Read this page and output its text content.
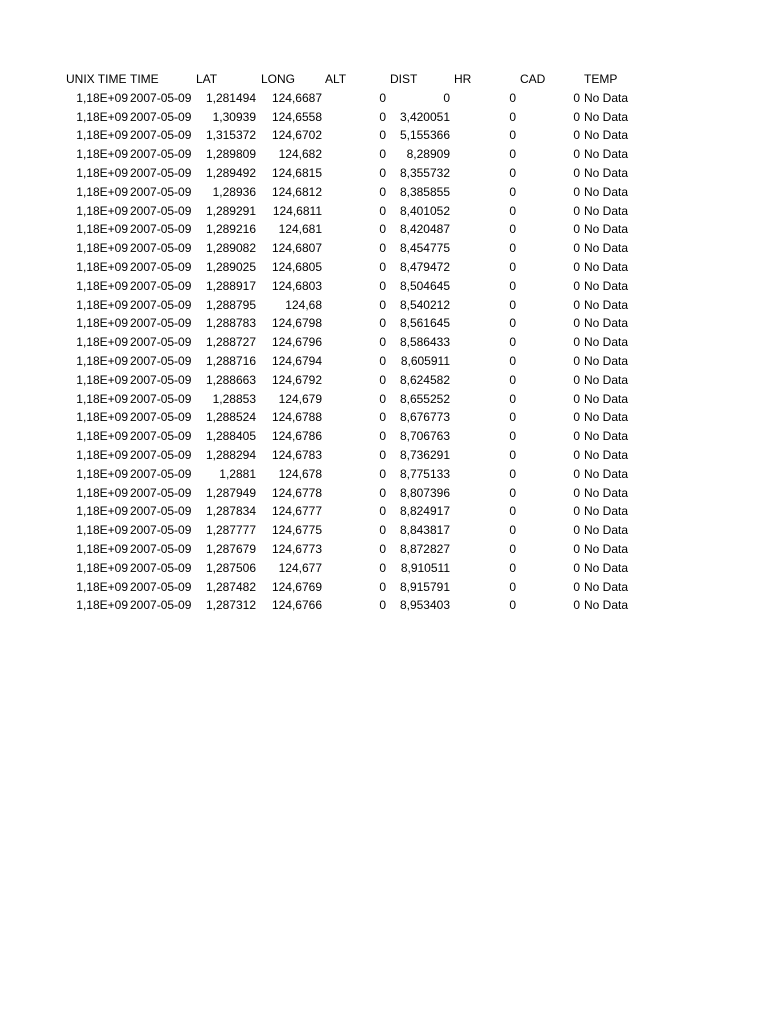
UNIX TIME TIME	LAT	LONG	ALT	DIST	HR	CAD	TEMP
1,18E+09 2007-05-09	1,281494	124,6687	0	0	0	0 No Data
1,18E+09 2007-05-09	1,30939	124,6558	0	3,420051	0	0 No Data
1,18E+09 2007-05-09	1,315372	124,6702	0	5,155366	0	0 No Data
1,18E+09 2007-05-09	1,289809	124,682	0	8,28909	0	0 No Data
1,18E+09 2007-05-09	1,289492	124,6815	0	8,355732	0	0 No Data
1,18E+09 2007-05-09	1,28936	124,6812	0	8,385855	0	0 No Data
1,18E+09 2007-05-09	1,289291	124,6811	0	8,401052	0	0 No Data
1,18E+09 2007-05-09	1,289216	124,681	0	8,420487	0	0 No Data
1,18E+09 2007-05-09	1,289082	124,6807	0	8,454775	0	0 No Data
1,18E+09 2007-05-09	1,289025	124,6805	0	8,479472	0	0 No Data
1,18E+09 2007-05-09	1,288917	124,6803	0	8,504645	0	0 No Data
1,18E+09 2007-05-09	1,288795	124,68	0	8,540212	0	0 No Data
1,18E+09 2007-05-09	1,288783	124,6798	0	8,561645	0	0 No Data
1,18E+09 2007-05-09	1,288727	124,6796	0	8,586433	0	0 No Data
1,18E+09 2007-05-09	1,288716	124,6794	0	8,605911	0	0 No Data
1,18E+09 2007-05-09	1,288663	124,6792	0	8,624582	0	0 No Data
1,18E+09 2007-05-09	1,28853	124,679	0	8,655252	0	0 No Data
1,18E+09 2007-05-09	1,288524	124,6788	0	8,676773	0	0 No Data
1,18E+09 2007-05-09	1,288405	124,6786	0	8,706763	0	0 No Data
1,18E+09 2007-05-09	1,288294	124,6783	0	8,736291	0	0 No Data
1,18E+09 2007-05-09	1,2881	124,678	0	8,775133	0	0 No Data
1,18E+09 2007-05-09	1,287949	124,6778	0	8,807396	0	0 No Data
1,18E+09 2007-05-09	1,287834	124,6777	0	8,824917	0	0 No Data
1,18E+09 2007-05-09	1,287777	124,6775	0	8,843817	0	0 No Data
1,18E+09 2007-05-09	1,287679	124,6773	0	8,872827	0	0 No Data
1,18E+09 2007-05-09	1,287506	124,677	0	8,910511	0	0 No Data
1,18E+09 2007-05-09	1,287482	124,6769	0	8,915791	0	0 No Data
1,18E+09 2007-05-09	1,287312	124,6766	0	8,953403	0	0 No Data
